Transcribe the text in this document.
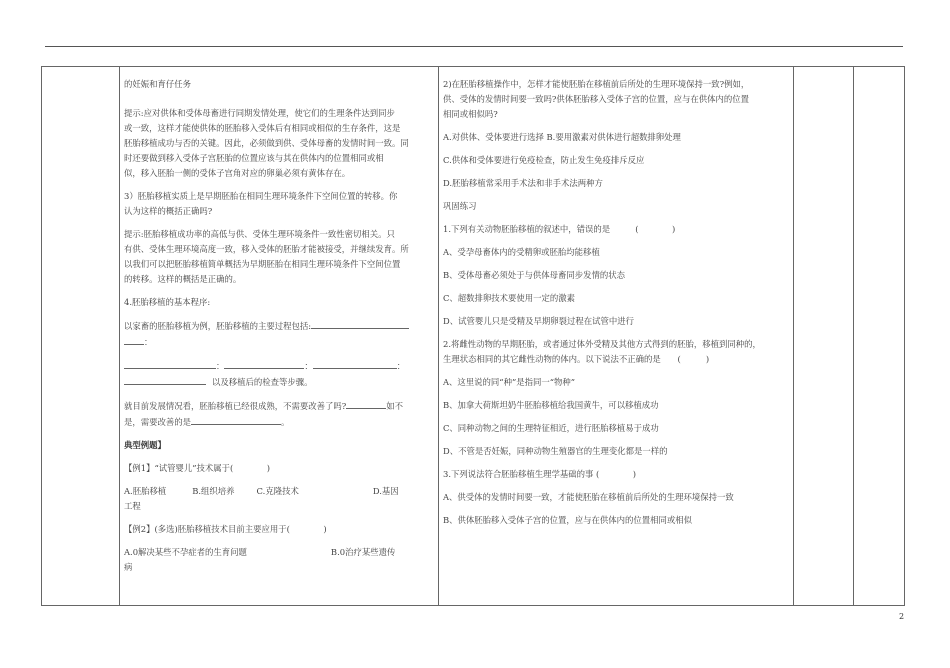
的妊娠和育仔任务

提示:应对供体和受体母畜进行同期发情处理，使它们的生理条件达到同步

或一致，这样才能使供体的胚胎移入受体后有相同或相似的生存条件，这是

胚胎移植成功与否的关键。因此，必须做到供、受体母畜的发情时间一致。同

时还要做到移入受体子宫胚胎的位置应该与其在供体内的位置相同或相

似，移入胚胎一侧的受体子宫角对应的卵巢必须有黄体存在。

3）胚胎移植实质上是早期胚胎在相同生理环境条件下空间位置的转移。你

认为这样的概括正确吗?

提示:胚胎移植成功率的高低与供、受体生理环境条件一致性密切相关。只

有供、受体生理环境高度一致，移入受体的胚胎才能被接受，并继续发育。所

以我们可以把胚胎移植简单概括为早期胚胎在相同生理环境条件下空间位置

的转移。这样的概括是正确的。

4.胚胎移植的基本程序:

以家畜的胚胎移植为例，胚胎移植的主要过程包括:

：

：	：	：

以及移植后的检查等步骤。

就目前发展情况看，胚胎移植已经很成熟，不需要改善了吗?	如不

是，需要改善的是	。

典型例题】

【例1】“试管婴儿”技术属于(　　　　)

A.胚胎移植	B.组织培养	C.克隆技术	D.基因

工程

【例2】(多选)胚胎移植技术目前主要应用于(　　　　)

A.0解决某些不孕症者的生育问题	B.0治疗某些遗传

病

2)在胚胎移植操作中，怎样才能使胚胎在移植前后所处的生理环境保持一致?例如，

供、受体的发情时间要一致吗?供体胚胎移入受体子宫的位置，应与在供体内的位置

相同或相似吗?

A.对供体、受体要进行选择 B.要用激素对供体进行超数排卵处理

C.供体和受体要进行免疫检查，防止发生免疫排斥反应

D.胚胎移植常采用手术法和非手术法两种方

巩固练习

1.下列有关动物胚胎移植的叙述中，错误的是　　　(　　　　)

A、受孕母畜体内的受精卵或胚胎均能移植

B、受体母畜必须处于与供体母畜同步发情的状态

C、超数排卵技术要使用一定的激素

D、试管婴儿只是受精及早期卵裂过程在试管中进行

2.将雌性动物的早期胚胎，或者通过体外受精及其他方式得到的胚胎，移植到同种的，

生理状态相同的其它雌性动物的体内。以下说法不正确的是　　(　　　)

A、这里说的同“种”是指同一“物种”

B、加拿大荷斯坦奶牛胚胎移植给我国黄牛，可以移植成功

C、同种动物之间的生理特征相近，进行胚胎移植易于成功

D、不管是否妊娠，同种动物生殖器官的生理变化都是一样的

3.下列说法符合胚胎移植生理学基础的事 (　　　　)

A、供受体的发情时间要一致，才能使胚胎在移植前后所处的生理环境保持一致

B、供体胚胎移入受体子宫的位置，应与在供体内的位置相同或相似

2
